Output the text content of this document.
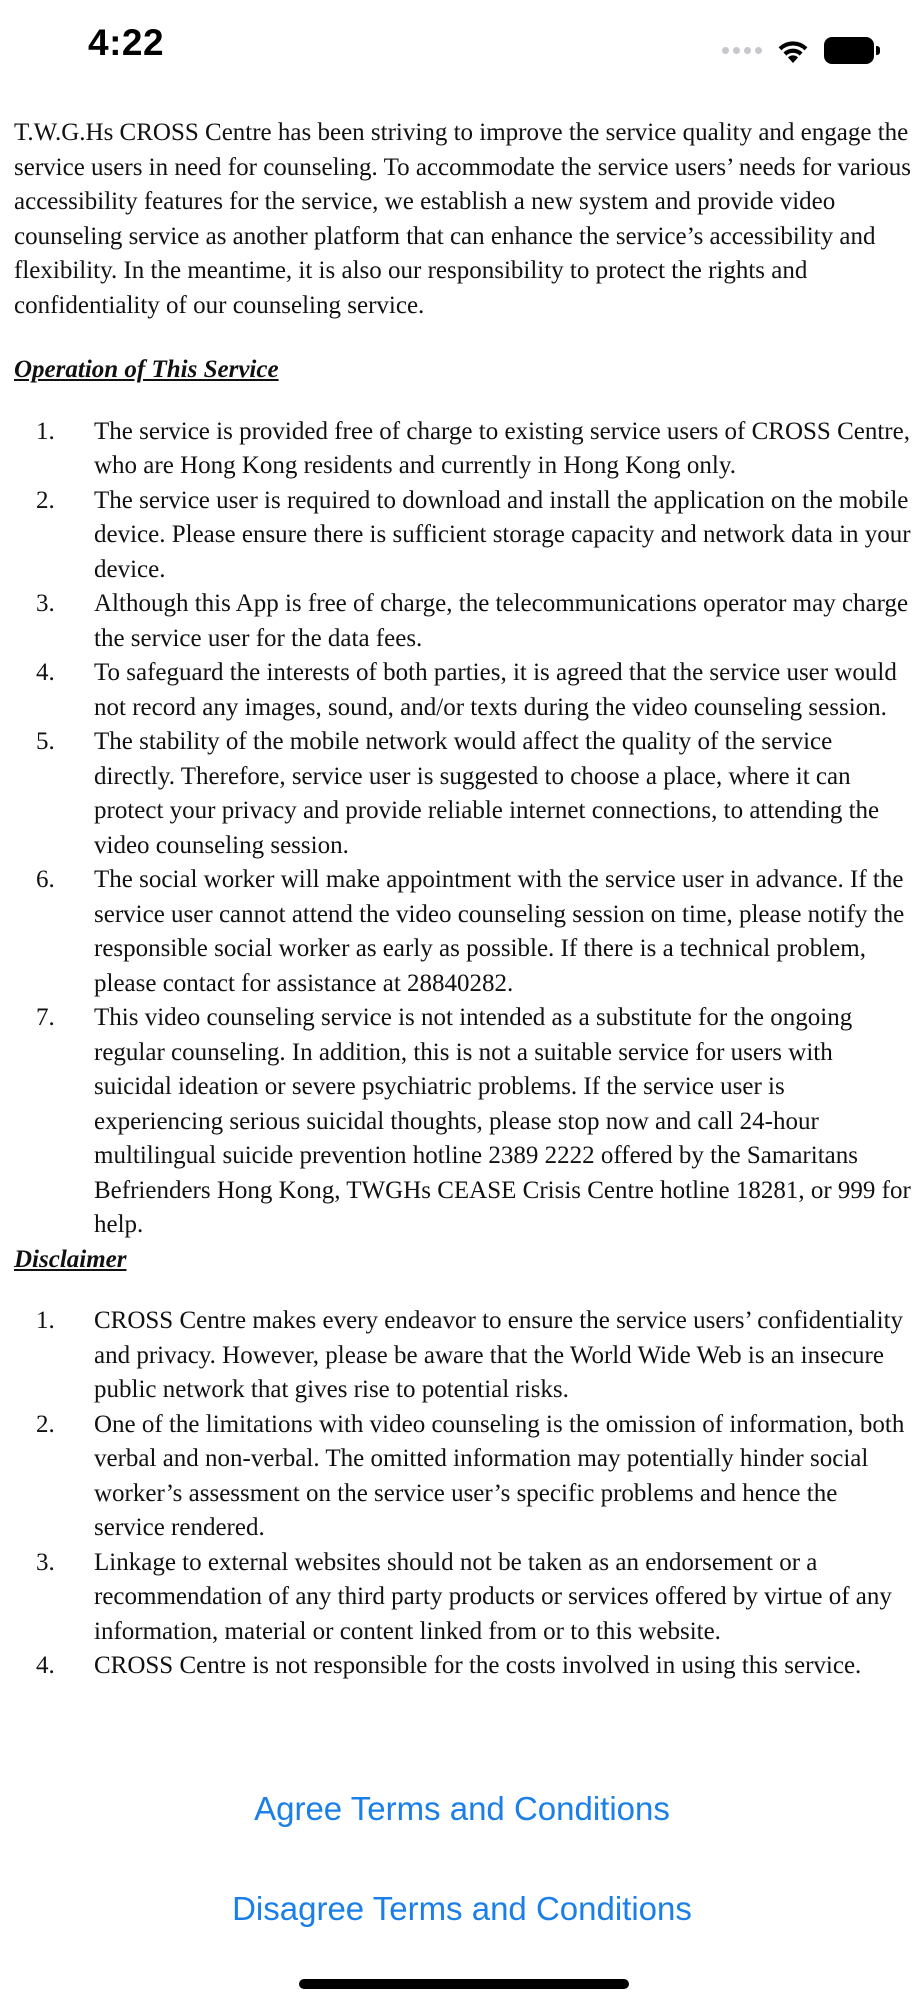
4:22

T.W.G.Hs CROSS Centre has been striving to improve the service quality and engage the service users in need for counseling. To accommodate the service users’ needs for various accessibility features for the service, we establish a new system and provide video counseling service as another platform that can enhance the service’s accessibility and flexibility. In the meantime, it is also our responsibility to protect the rights and confidentiality of our counseling service.

Operation of This Service
1. The service is provided free of charge to existing service users of CROSS Centre, who are Hong Kong residents and currently in Hong Kong only.
2. The service user is required to download and install the application on the mobile device. Please ensure there is sufficient storage capacity and network data in your device.
3. Although this App is free of charge, the telecommunications operator may charge the service user for the data fees.
4. To safeguard the interests of both parties, it is agreed that the service user would not record any images, sound, and/or texts during the video counseling session.
5. The stability of the mobile network would affect the quality of the service directly. Therefore, service user is suggested to choose a place, where it can protect your privacy and provide reliable internet connections, to attending the video counseling session.
6. The social worker will make appointment with the service user in advance. If the service user cannot attend the video counseling session on time, please notify the responsible social worker as early as possible. If there is a technical problem, please contact for assistance at 28840282.
7. This video counseling service is not intended as a substitute for the ongoing regular counseling. In addition, this is not a suitable service for users with suicidal ideation or severe psychiatric problems. If the service user is experiencing serious suicidal thoughts, please stop now and call 24-hour multilingual suicide prevention hotline 2389 2222 offered by the Samaritans Befrienders Hong Kong, TWGHs CEASE Crisis Centre hotline 18281, or 999 for help.
Disclaimer
1. CROSS Centre makes every endeavor to ensure the service users’ confidentiality and privacy. However, please be aware that the World Wide Web is an insecure public network that gives rise to potential risks.
2. One of the limitations with video counseling is the omission of information, both verbal and non-verbal. The omitted information may potentially hinder social worker’s assessment on the service user’s specific problems and hence the service rendered.
3. Linkage to external websites should not be taken as an endorsement or a recommendation of any third party products or services offered by virtue of any information, material or content linked from or to this website.
4. CROSS Centre is not responsible for the costs involved in using this service.
Agree Terms and Conditions
Disagree Terms and Conditions
